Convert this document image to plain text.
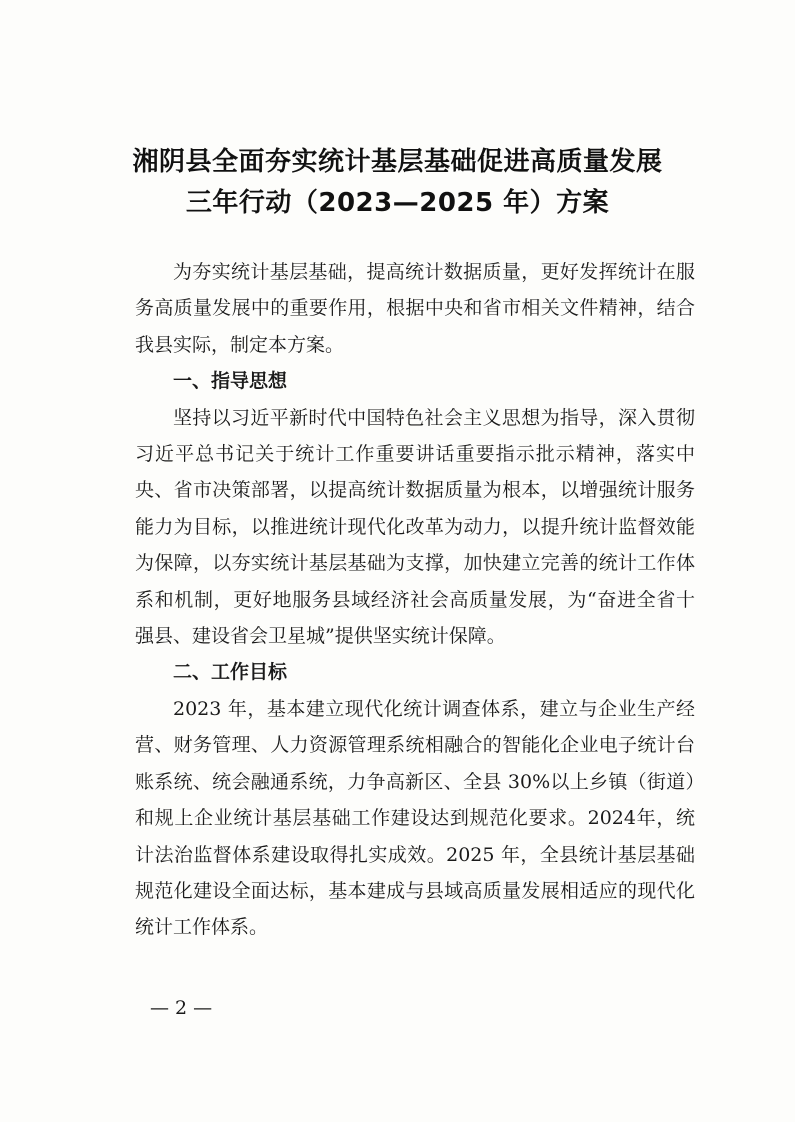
湘阴县全面夯实统计基层基础促进高质量发展
三年行动（2023—2025 年）方案

为夯实统计基层基础，提高统计数据质量，更好发挥统计在服务高质量发展中的重要作用，根据中央和省市相关文件精神，结合我县实际，制定本方案。

一、指导思想

坚持以习近平新时代中国特色社会主义思想为指导，深入贯彻习近平总书记关于统计工作重要讲话重要指示批示精神，落实中央、省市决策部署，以提高统计数据质量为根本，以增强统计服务能力为目标，以推进统计现代化改革为动力，以提升统计监督效能为保障，以夯实统计基层基础为支撑，加快建立完善的统计工作体系和机制，更好地服务县域经济社会高质量发展，为“奋进全省十强县、建设省会卫星城”提供坚实统计保障。

二、工作目标

2023 年，基本建立现代化统计调查体系，建立与企业生产经营、财务管理、人力资源管理系统相融合的智能化企业电子统计台账系统、统会融通系统，力争高新区、全县 30%以上乡镇（街道）和规上企业统计基层基础工作建设达到规范化要求。2024年，统计法治监督体系建设取得扎实成效。2025 年，全县统计基层基础规范化建设全面达标，基本建成与县域高质量发展相适应的现代化统计工作体系。

— 2 —
